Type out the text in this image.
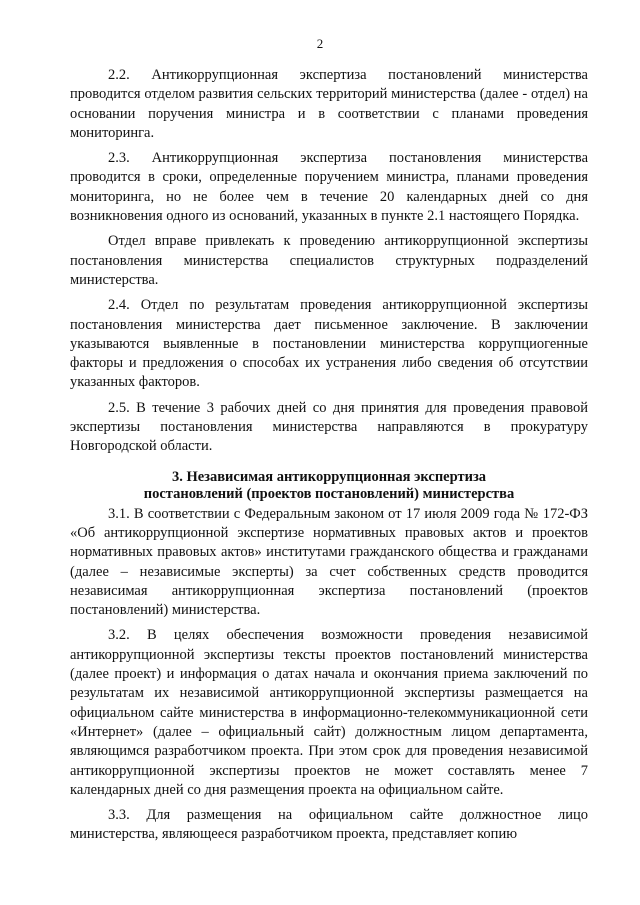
2

2.2. Антикоррупционная экспертиза постановлений министерства проводится отделом развития сельских территорий министерства (далее - отдел) на основании поручения министра и в соответствии с планами проведения мониторинга.

2.3. Антикоррупционная экспертиза постановления министерства проводится в сроки, определенные поручением министра, планами проведения мониторинга, но не более чем в течение 20 календарных дней со дня возникновения одного из оснований, указанных в пункте 2.1 настоящего Порядка.

Отдел вправе привлекать к проведению антикоррупционной экспертизы постановления министерства специалистов структурных подразделений министерства.

2.4. Отдел по результатам проведения антикоррупционной экспертизы постановления министерства дает письменное заключение. В заключении указываются выявленные в постановлении министерства коррупциогенные факторы и предложения о способах их устранения либо сведения об отсутствии указанных факторов.

2.5. В течение 3 рабочих дней со дня принятия для проведения правовой экспертизы постановления министерства направляются в прокуратуру Новгородской области.

3. Независимая антикоррупционная экспертиза
постановлений (проектов постановлений) министерства

3.1. В соответствии с Федеральным законом от 17 июля 2009 года № 172-ФЗ «Об антикоррупционной экспертизе нормативных правовых актов и проектов нормативных правовых актов» институтами гражданского общества и гражданами (далее – независимые эксперты) за счет собственных средств проводится независимая антикоррупционная экспертиза постановлений (проектов постановлений) министерства.

3.2. В целях обеспечения возможности проведения независимой антикоррупционной экспертизы тексты проектов постановлений министерства (далее проект) и информация о датах начала и окончания приема заключений по результатам их независимой антикоррупционной экспертизы размещается на официальном сайте министерства в информационно-телекоммуникационной сети «Интернет» (далее – официальный сайт) должностным лицом департамента, являющимся разработчиком проекта. При этом срок для проведения независимой антикоррупционной экспертизы проектов не может составлять менее 7 календарных дней со дня размещения проекта на официальном сайте.

3.3. Для размещения на официальном сайте должностное лицо министерства, являющееся разработчиком проекта, представляет копию
